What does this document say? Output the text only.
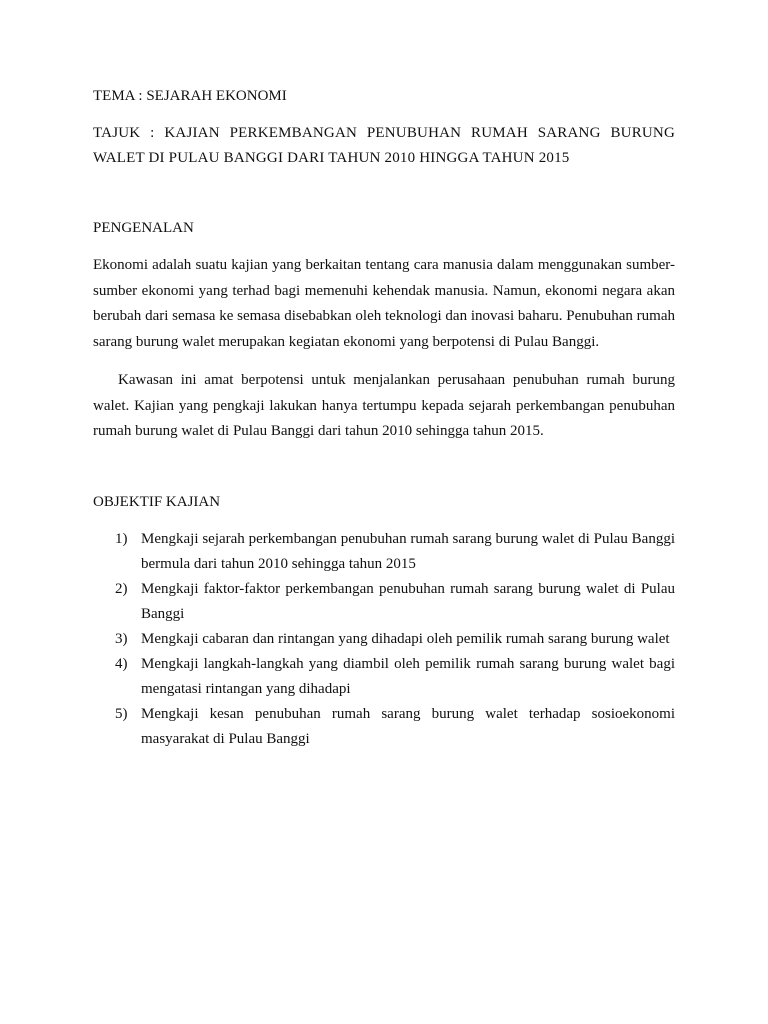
TEMA : SEJARAH EKONOMI

TAJUK : KAJIAN PERKEMBANGAN PENUBUHAN RUMAH SARANG BURUNG WALET DI PULAU BANGGI DARI TAHUN 2010 HINGGA TAHUN 2015

PENGENALAN

Ekonomi adalah suatu kajian yang berkaitan tentang cara manusia dalam menggunakan sumber-sumber ekonomi yang terhad bagi memenuhi kehendak manusia. Namun, ekonomi negara akan berubah dari semasa ke semasa disebabkan oleh teknologi dan inovasi baharu. Penubuhan rumah sarang burung walet merupakan kegiatan ekonomi yang berpotensi di Pulau Banggi.

Kawasan ini amat berpotensi untuk menjalankan perusahaan penubuhan rumah burung walet. Kajian yang pengkaji lakukan hanya tertumpu kepada sejarah perkembangan penubuhan rumah burung walet di Pulau Banggi dari tahun 2010 sehingga tahun 2015.

OBJEKTIF KAJIAN

1) Mengkaji sejarah perkembangan penubuhan rumah sarang burung walet di Pulau Banggi bermula dari tahun 2010 sehingga tahun 2015
2) Mengkaji faktor-faktor perkembangan penubuhan rumah sarang burung walet di Pulau Banggi
3) Mengkaji cabaran dan rintangan yang dihadapi oleh pemilik rumah sarang burung walet
4) Mengkaji langkah-langkah yang diambil oleh pemilik rumah sarang burung walet bagi mengatasi rintangan yang dihadapi
5) Mengkaji kesan penubuhan rumah sarang burung walet terhadap sosioekonomi masyarakat di Pulau Banggi
